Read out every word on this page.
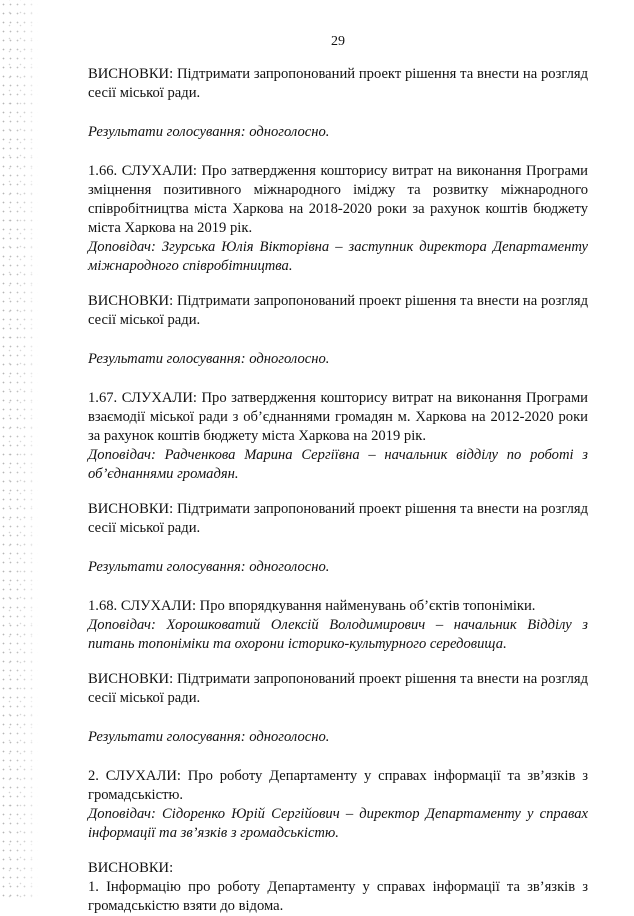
29

ВИСНОВКИ: Підтримати запропонований проект рішення та внести на розгляд сесії міської ради.

Результати голосування: одноголосно.

1.66. СЛУХАЛИ: Про затвердження кошторису витрат на виконання Програми зміцнення позитивного міжнародного іміджу та розвитку міжнародного співробітництва міста Харкова на 2018-2020 роки за рахунок коштів бюджету міста Харкова на 2019 рік.

Доповідач: Згурська Юлія Вікторівна – заступник директора Департаменту міжнародного співробітництва.

ВИСНОВКИ: Підтримати запропонований проект рішення та внести на розгляд сесії міської ради.

Результати голосування: одноголосно.

1.67. СЛУХАЛИ: Про затвердження кошторису витрат на виконання Програми взаємодії міської ради з об’єднаннями громадян м. Харкова на 2012-2020 роки за рахунок коштів бюджету міста Харкова на 2019 рік.

Доповідач: Радченкова Марина Сергіївна – начальник відділу по роботі з об’єднаннями громадян.

ВИСНОВКИ: Підтримати запропонований проект рішення та внести на розгляд сесії міської ради.

Результати голосування: одноголосно.

1.68. СЛУХАЛИ: Про впорядкування найменувань об’єктів топоніміки.

Доповідач: Хорошковатий Олексій Володимирович – начальник Відділу з питань топоніміки та охорони історико-культурного середовища.

ВИСНОВКИ: Підтримати запропонований проект рішення та внести на розгляд сесії міської ради.

Результати голосування: одноголосно.

2. СЛУХАЛИ: Про роботу Департаменту у справах інформації та зв’язків з громадськістю.

Доповідач: Сідоренко Юрій Сергійович – директор Департаменту у справах інформації та зв’язків з громадськістю.

ВИСНОВКИ:

1. Інформацію про роботу Департаменту у справах інформації та зв’язків з громадськістю взяти до відома.
